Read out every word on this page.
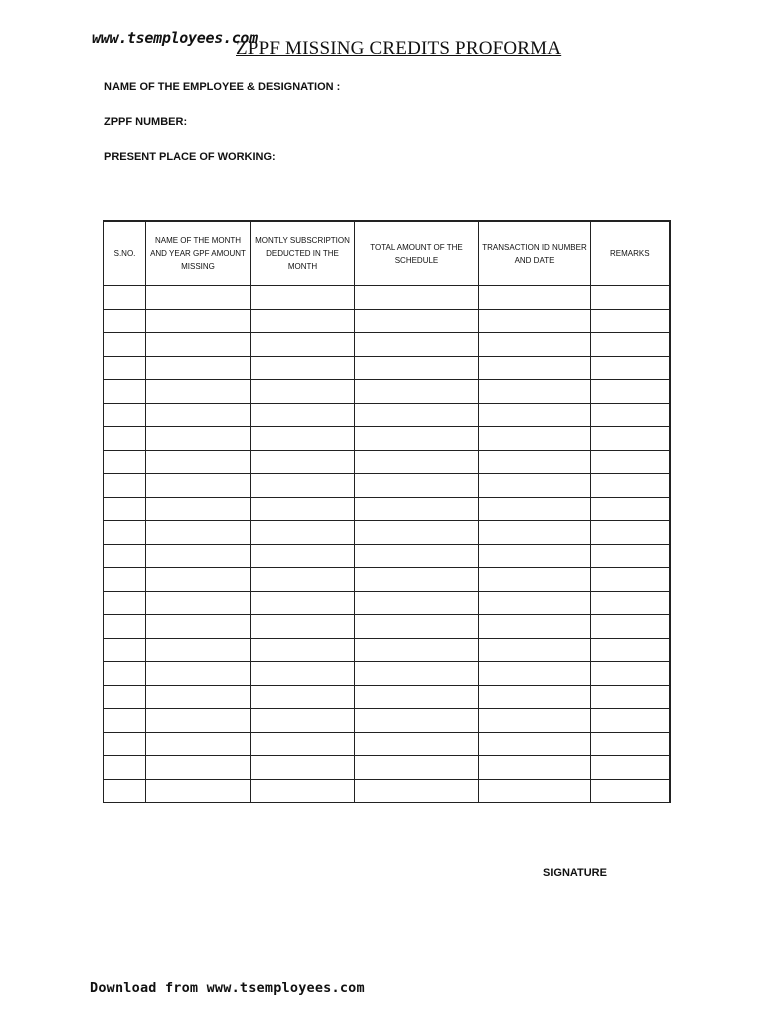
www.tsemployees.com
ZPPF MISSING CREDITS PROFORMA
NAME OF THE EMPLOYEE & DESIGNATION :
ZPPF NUMBER:
PRESENT PLACE OF WORKING:
S.NO.	NAME OF THE MONTH AND YEAR GPF AMOUNT MISSING	MONTLY SUBSCRIPTION DEDUCTED IN THE MONTH	TOTAL AMOUNT OF THE SCHEDULE	TRANSACTION ID NUMBER AND DATE	REMARKS

SIGNATURE
Download from www.tsemployees.com
